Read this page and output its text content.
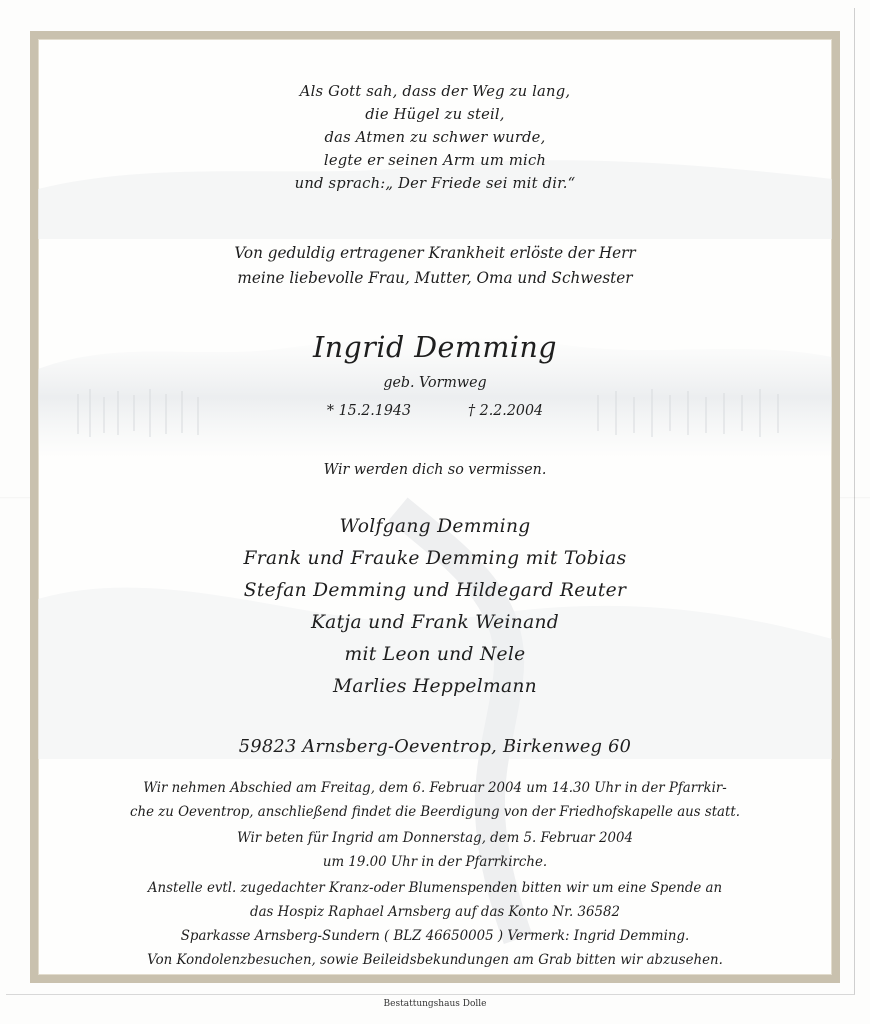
Als Gott sah, dass der Weg zu lang,
die Hügel zu steil,
das Atmen zu schwer wurde,
legte er seinen Arm um mich
und sprach:„ Der Friede sei mit dir.“
Von geduldig ertragener Krankheit erlöste der Herr
meine liebevolle Frau, Mutter, Oma und Schwester
Ingrid Demming
geb. Vormweg
* 15.2.1943	† 2.2.2004
Wir werden dich so vermissen.
Wolfgang Demming
Frank und Frauke Demming mit Tobias
Stefan Demming und Hildegard Reuter
Katja und Frank Weinand
mit Leon und Nele
Marlies Heppelmann
59823 Arnsberg-Oeventrop, Birkenweg 60
Wir nehmen Abschied am Freitag, dem 6. Februar 2004 um 14.30 Uhr in der Pfarrkir-
che zu Oeventrop, anschließend findet die Beerdigung von der Friedhofskapelle aus statt.
Wir beten für Ingrid am Donnerstag, dem 5. Februar 2004
um 19.00 Uhr in der Pfarrkirche.
Anstelle evtl. zugedachter Kranz-oder Blumenspenden bitten wir um eine Spende an
das Hospiz Raphael Arnsberg auf das Konto Nr. 36582
Sparkasse Arnsberg-Sundern ( BLZ 46650005 ) Vermerk: Ingrid Demming.
Von Kondolenzbesuchen, sowie Beileidsbekundungen am Grab bitten wir abzusehen.
Bestattungshaus Dolle
